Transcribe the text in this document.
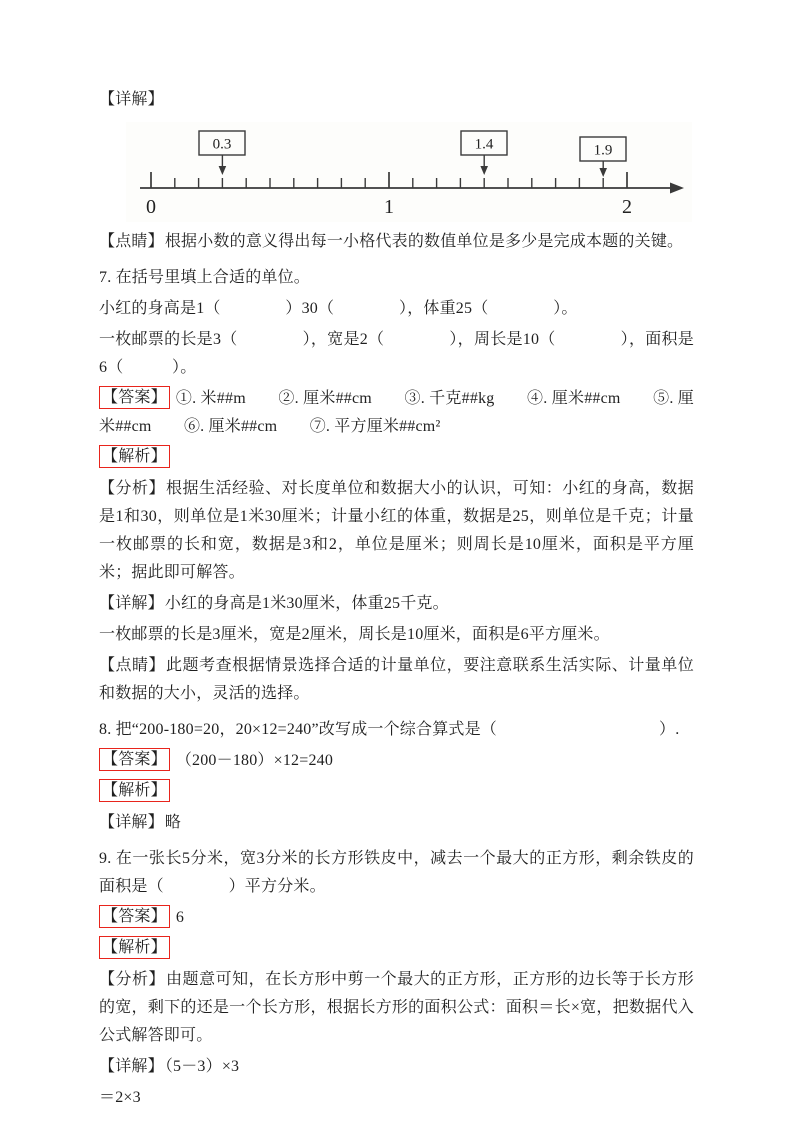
【详解】

0.3	1.4	1.9
0	1	2

【点睛】根据小数的意义得出每一小格代表的数值单位是多少是完成本题的关键。

7. 在括号里填上合适的单位。

小红的身高是1（　　　　）30（　　　　），体重25（　　　　）。

一枚邮票的长是3（　　　　），宽是2（　　　　），周长是10（　　　　），面积是6（　　　）。

【答案】 ①. 米##m　　②. 厘米##cm　　③. 千克##kg　　④. 厘米##cm　　⑤. 厘米##cm　　⑥. 厘米##cm　　⑦. 平方厘米##cm²

【解析】

【分析】根据生活经验、对长度单位和数据大小的认识，可知：小红的身高，数据是1和30，则单位是1米30厘米；计量小红的体重，数据是25，则单位是千克；计量一枚邮票的长和宽，数据是3和2，单位是厘米；则周长是10厘米，面积是平方厘米；据此即可解答。

【详解】小红的身高是1米30厘米，体重25千克。

一枚邮票的长是3厘米，宽是2厘米，周长是10厘米，面积是6平方厘米。

【点睛】此题考查根据情景选择合适的计量单位，要注意联系生活实际、计量单位和数据的大小，灵活的选择。

8. 把“200-180=20，20×12=240”改写成一个综合算式是（　　　　　　　　　　）.

【答案】 （200－180）×12=240

【解析】

【详解】略

9. 在一张长5分米，宽3分米的长方形铁皮中，减去一个最大的正方形，剩余铁皮的面积是（　　　　）平方分米。

【答案】 6

【解析】

【分析】由题意可知，在长方形中剪一个最大的正方形，正方形的边长等于长方形的宽，剩下的还是一个长方形，根据长方形的面积公式：面积＝长×宽，把数据代入公式解答即可。

【详解】（5－3）×3

＝2×3
